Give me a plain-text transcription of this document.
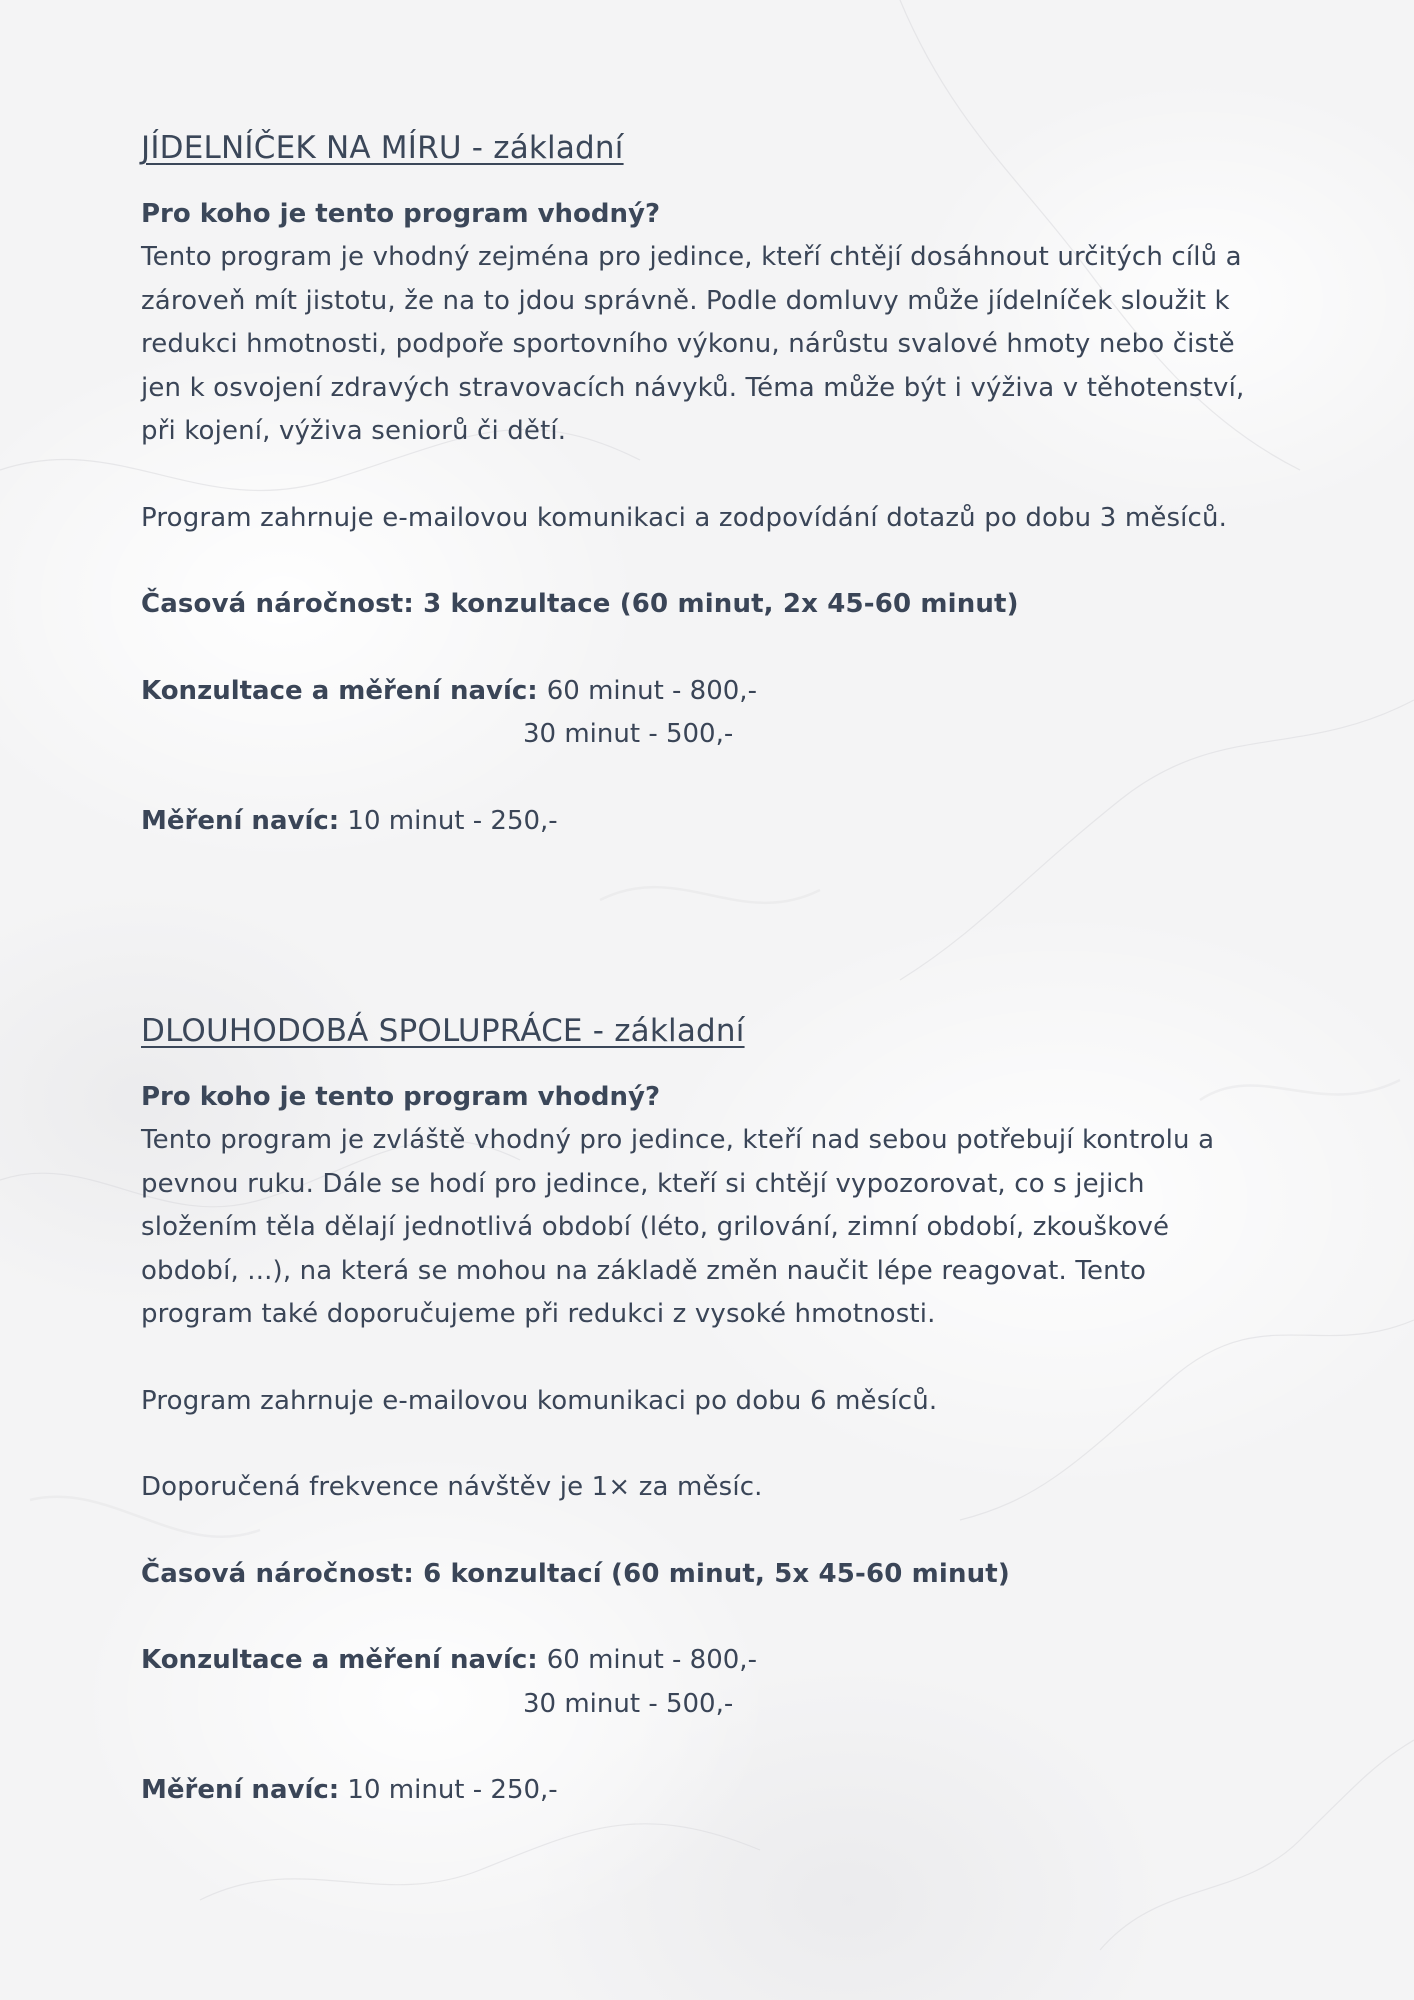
JÍDELNÍČEK NA MÍRU - základní

Pro koho je tento program vhodný?

Tento program je vhodný zejména pro jedince, kteří chtějí dosáhnout určitých cílů a

zároveň mít jistotu, že na to jdou správně. Podle domluvy může jídelníček sloužit k

redukci hmotnosti, podpoře sportovního výkonu, nárůstu svalové hmoty nebo čistě

jen k osvojení zdravých stravovacích návyků. Téma může být i výživa v těhotenství,

při kojení, výživa seniorů či dětí.

Program zahrnuje e-mailovou komunikaci a zodpovídání dotazů po dobu 3 měsíců.

Časová náročnost: 3 konzultace (60 minut, 2x 45-60 minut)

Konzultace a měření navíc: 60 minut - 800,-

30 minut - 500,-

Měření navíc: 10 minut - 250,-

DLOUHODOBÁ SPOLUPRÁCE - základní

Pro koho je tento program vhodný?

Tento program je zvláště vhodný pro jedince, kteří nad sebou potřebují kontrolu a

pevnou ruku. Dále se hodí pro jedince, kteří si chtějí vypozorovat, co s jejich

složením těla dělají jednotlivá období (léto, grilování, zimní období, zkouškové

období, ...), na která se mohou na základě změn naučit lépe reagovat. Tento

program také doporučujeme při redukci z vysoké hmotnosti.

Program zahrnuje e-mailovou komunikaci po dobu 6 měsíců.

Doporučená frekvence návštěv je 1× za měsíc.

Časová náročnost: 6 konzultací (60 minut, 5x 45-60 minut)

Konzultace a měření navíc: 60 minut - 800,-

30 minut - 500,-

Měření navíc: 10 minut - 250,-
